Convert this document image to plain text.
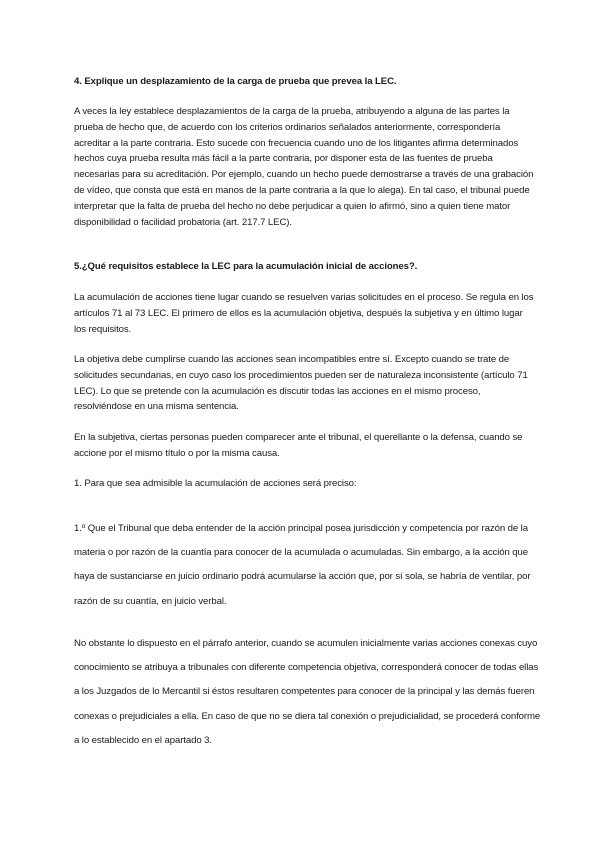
4. Explique un desplazamiento de la carga de prueba que prevea la LEC.

A veces la ley establece desplazamientos de la carga de la prueba, atribuyendo a alguna de las partes la prueba de hecho que, de acuerdo con los criterios ordinarios señalados anteriormente, correspondería acreditar a la parte contraria. Esto sucede con frecuencia cuando uno de los litigantes afirma determinados hechos cuya prueba resulta más fácil a la parte contraria, por disponer esta de las fuentes de prueba necesarias para su acreditación. Por ejemplo, cuando un hecho puede demostrarse a través de una grabación de vídeo, que consta que está en manos de la parte contraria a la que lo alega). En tal caso, el tribunal puede interpretar que la falta de prueba del hecho no debe perjudicar a quien lo afirmó, sino a quien tiene mator disponibilidad o facilidad probatoria (art. 217.7 LEC).

5.¿Qué requisitos establece la LEC para la acumulación inicial de acciones?.

La acumulación de acciones tiene lugar cuando se resuelven varias solicitudes en el proceso. Se regula en los artículos 71 al 73 LEC. El primero de ellos es la acumulación objetiva, después la subjetiva y en último lugar los requisitos.

La objetiva debe cumplirse cuando las acciones sean incompatibles entre sí. Excepto cuando se trate de solicitudes secundarias, en cuyo caso los procedimientos pueden ser de naturaleza inconsistente (artículo 71 LEC). Lo que se pretende con la acumulación es discutir todas las acciones en el mismo proceso, resolviéndose en una misma sentencia.

En la subjetiva, ciertas personas pueden comparecer ante el tribunal, el querellante o la defensa, cuando se accione por el mismo título o por la misma causa.

1. Para que sea admisible la acumulación de acciones será preciso:

1.º Que el Tribunal que deba entender de la acción principal posea jurisdicción y competencia por razón de la materia o por razón de la cuantía para conocer de la acumulada o acumuladas. Sin embargo, a la acción que haya de sustanciarse en juicio ordinario podrá acumularse la acción que, por sí sola, se habría de ventilar, por razón de su cuantía, en juicio verbal.

No obstante lo dispuesto en el párrafo anterior, cuando se acumulen inicialmente varias acciones conexas cuyo conocimiento se atribuya a tribunales con diferente competencia objetiva, corresponderá conocer de todas ellas a los Juzgados de lo Mercantil si éstos resultaren competentes para conocer de la principal y las demás fueren conexas o prejudiciales a ella. En caso de que no se diera tal conexión o prejudicialidad, se procederá conforme a lo establecido en el apartado 3.
